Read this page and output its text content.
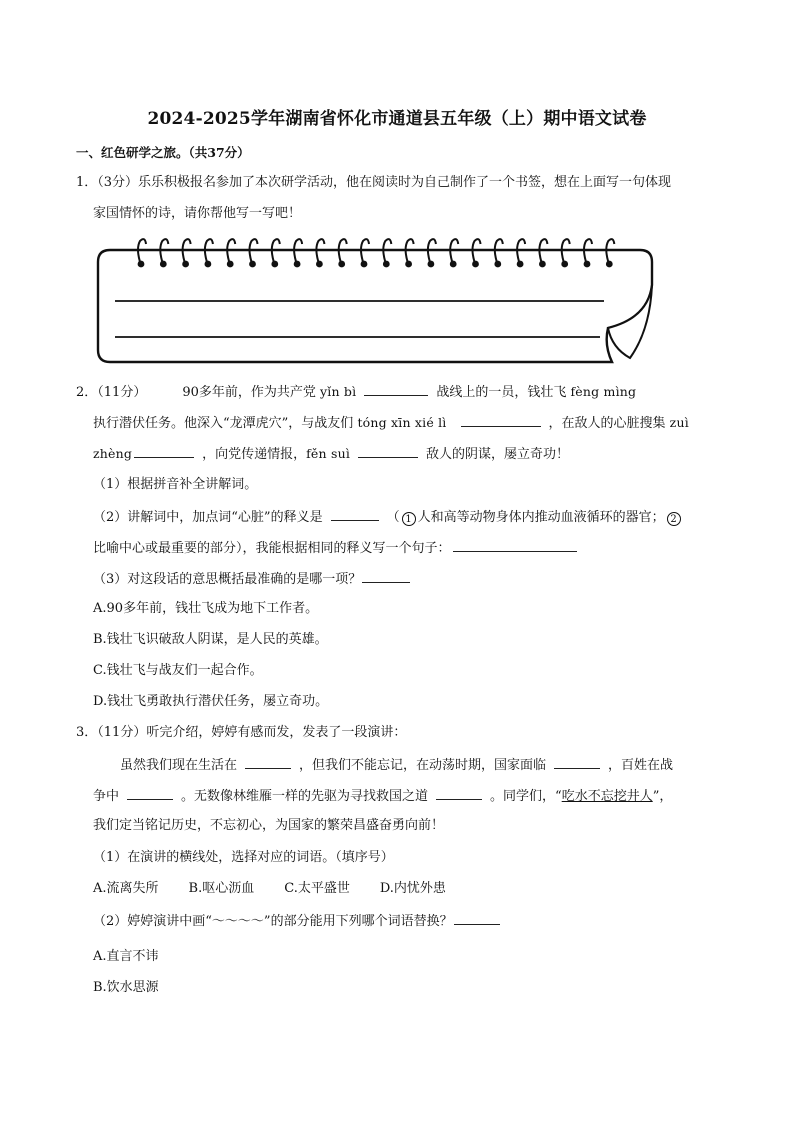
2024-2025学年湖南省怀化市通道县五年级（上）期中语文试卷
一、红色研学之旅。（共37分）
1．（3分）乐乐积极报名参加了本次研学活动，他在阅读时为自己制作了一个书签，想在上面写一句体现
家国情怀的诗，请你帮他写一写吧！
2．（11分）	90多年前，作为共产党 yǐn bì	战线上的一员，钱壮飞 fèng mìng
执行潜伏任务。他深入“龙潭虎穴”，与战友们 tóng xīn xié lì	，在敌人的心脏搜集 zuì
zhèng	，向党传递情报，fěn suì	敌人的阴谋，屡立奇功！
（1）根据拼音补全讲解词。
（2）讲解词中，加点词“心脏”的释义是	（ 1 人和高等动物身体内推动血液循环的器官； 2
比喻中心或最重要的部分），我能根据相同的释义写一个句子：
（3）对这段话的意思概括最准确的是哪一项？
A.90多年前，钱壮飞成为地下工作者。
B.钱壮飞识破敌人阴谋，是人民的英雄。
C.钱壮飞与战友们一起合作。
D.钱壮飞勇敢执行潜伏任务，屡立奇功。
3．（11分）听完介绍，婷婷有感而发，发表了一段演讲：
虽然我们现在生活在	，但我们不能忘记，在动荡时期，国家面临	，百姓在战
争中	。无数像林维雁一样的先驱为寻找救国之道	。同学们，“吃水不忘挖井人”，
我们定当铭记历史，不忘初心，为国家的繁荣昌盛奋勇向前！
（1）在演讲的横线处，选择对应的词语。（填序号）
A.流离失所 B.呕心沥血 C.太平盛世 D.内忧外患
（2）婷婷演讲中画“～～～～”的部分能用下列哪个词语替换？
A.直言不讳
B.饮水思源
